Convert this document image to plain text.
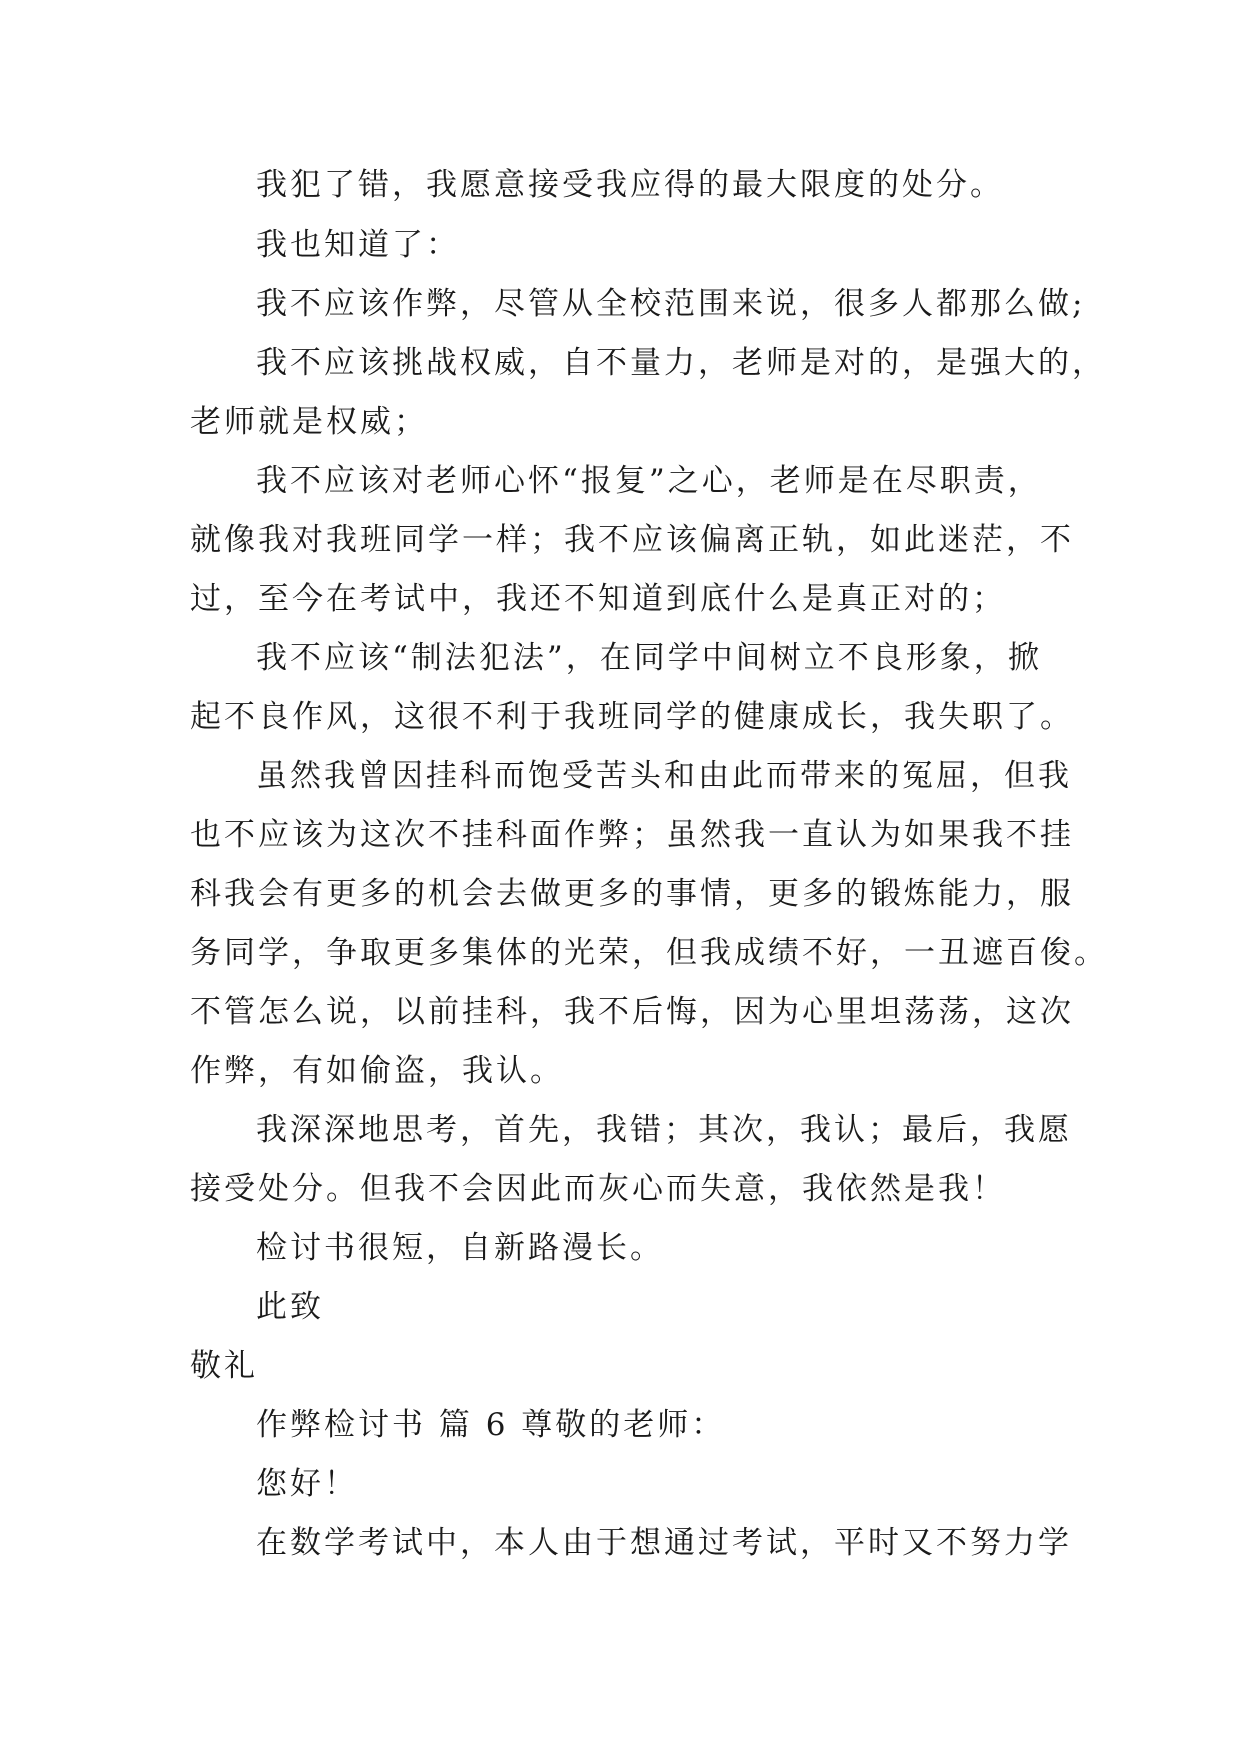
我犯了错，我愿意接受我应得的最大限度的处分。
我也知道了：
我不应该作弊，尽管从全校范围来说，很多人都那么做;
我不应该挑战权威，自不量力，老师是对的，是强大的，
老师就是权威；
我不应该对老师心怀“报复”之心，老师是在尽职责，
就像我对我班同学一样；我不应该偏离正轨，如此迷茫，不
过，至今在考试中，我还不知道到底什么是真正对的；
我不应该“制法犯法”，在同学中间树立不良形象，掀
起不良作风，这很不利于我班同学的健康成长，我失职了。
虽然我曾因挂科而饱受苦头和由此而带来的冤屈，但我
也不应该为这次不挂科面作弊；虽然我一直认为如果我不挂
科我会有更多的机会去做更多的事情，更多的锻炼能力，服
务同学，争取更多集体的光荣，但我成绩不好，一丑遮百俊。
不管怎么说，以前挂科，我不后悔，因为心里坦荡荡，这次
作弊，有如偷盗，我认。
我深深地思考，首先，我错；其次，我认；最后，我愿
接受处分。但我不会因此而灰心而失意，我依然是我！
检讨书很短，自新路漫长。
此致
敬礼
作弊检讨书 篇 6 尊敬的老师：
您好！
在数学考试中，本人由于想通过考试，平时又不努力学
